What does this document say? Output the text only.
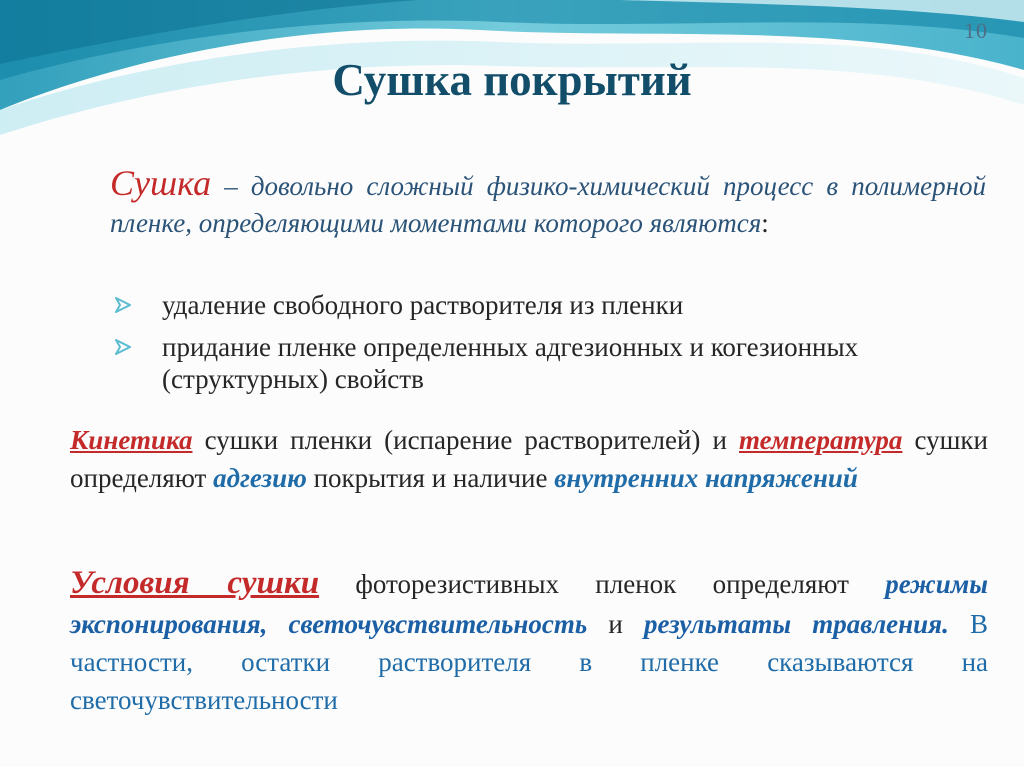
10
Сушка покрытий
Сушка – довольно сложный физико-химический процесс в полимерной пленке, определяющими моментами которого являются:
удаление свободного растворителя из пленки
придание пленке определенных адгезионных и когезионных (структурных) свойств
Кинетика сушки пленки (испарение растворителей) и температура сушки определяют адгезию покрытия и наличие внутренних напряжений
Условия сушки фоторезистивных пленок определяют режимы экспонирования, светочувствительность и результаты травления. В частности, остатки растворителя в пленке сказываются на светочувствительности
